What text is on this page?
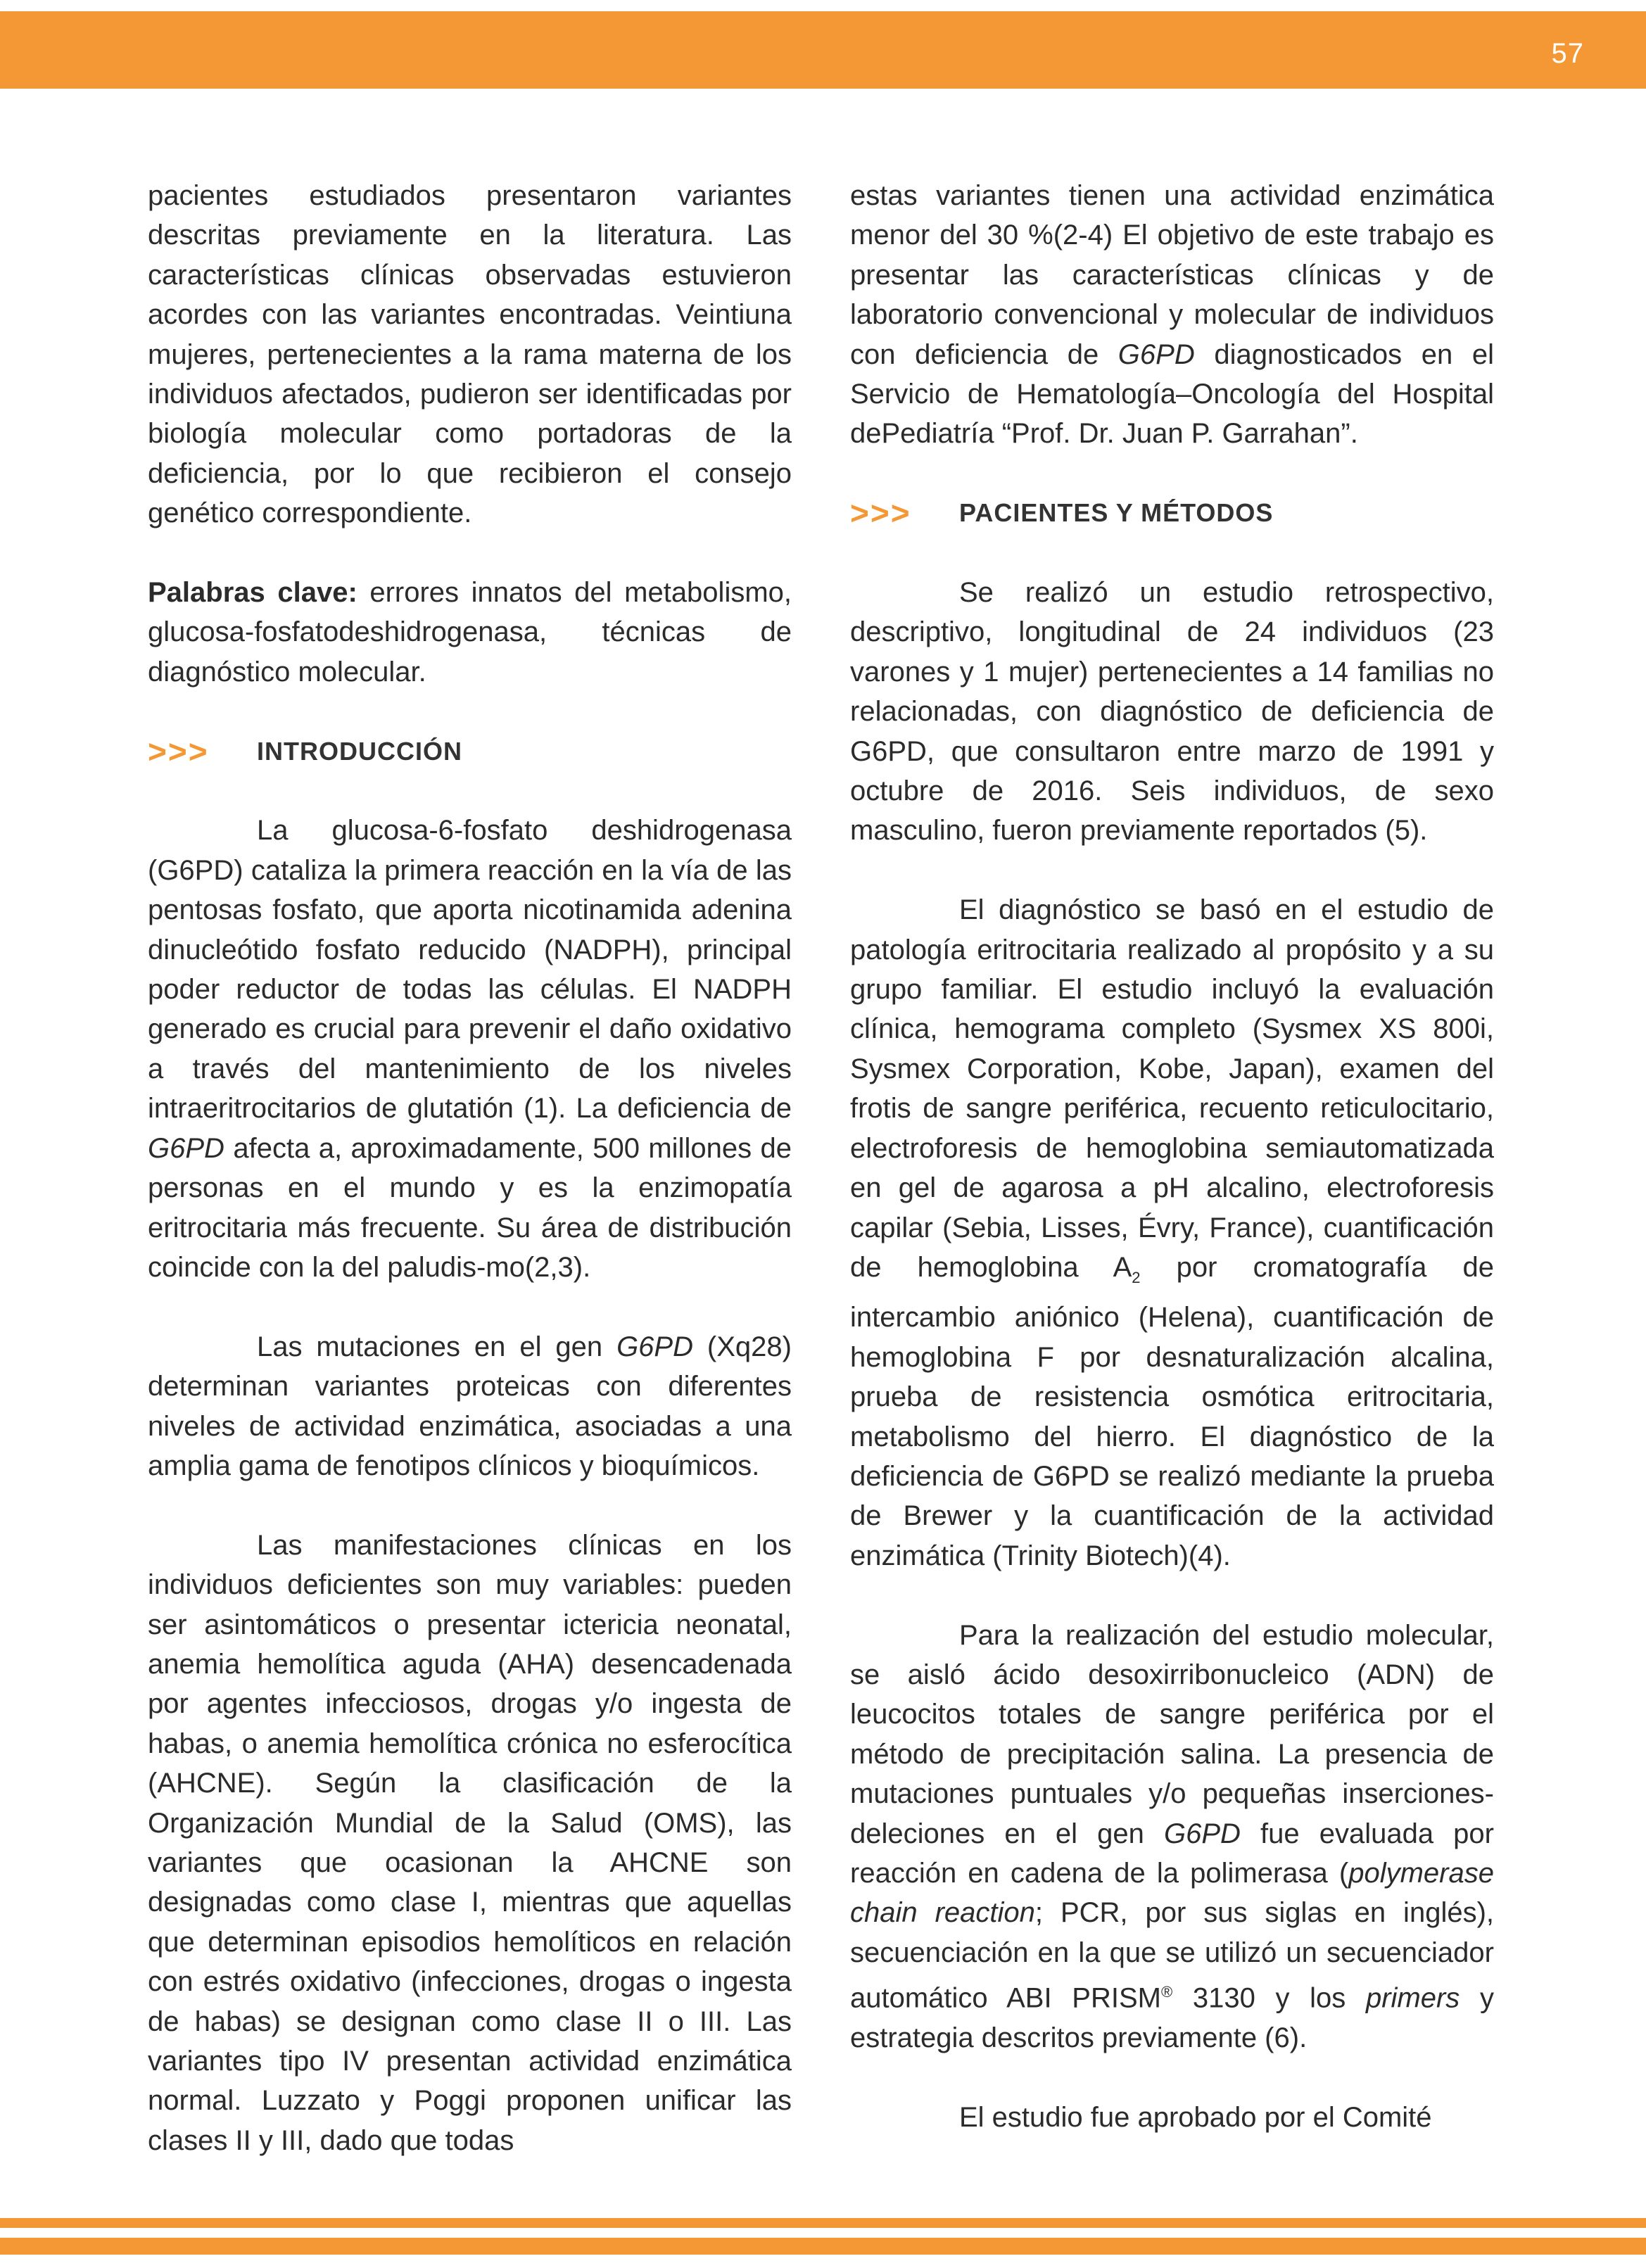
57

pacientes estudiados presentaron variantes descritas previamente en la literatura. Las características clínicas observadas estuvieron acordes con las variantes encontradas. Veintiuna mujeres, pertenecientes a la rama materna de los individuos afectados, pudieron ser identificadas por biología molecular como portadoras de la deficiencia, por lo que recibieron el consejo genético correspondiente.

Palabras clave: errores innatos del metabolismo, glucosa-fosfatodeshidrogenasa, técnicas de diagnóstico molecular.

>>>	INTRODUCCIÓN

La glucosa-6-fosfato deshidrogenasa (G6PD) cataliza la primera reacción en la vía de las pentosas fosfato, que aporta nicotinamida adenina dinucleótido fosfato reducido (NADPH), principal poder reductor de todas las células. El NADPH generado es crucial para prevenir el daño oxidativo a través del mantenimiento de los niveles intraeritrocitarios de glutatión (1). La deficiencia de G6PD afecta a, aproximadamente, 500 millones de personas en el mundo y es la enzimopatía eritrocitaria más frecuente. Su área de distribución coincide con la del paludis-mo(2,3).

Las mutaciones en el gen G6PD (Xq28) determinan variantes proteicas con diferentes niveles de actividad enzimática, asociadas a una amplia gama de fenotipos clínicos y bioquímicos.

Las manifestaciones clínicas en los individuos deficientes son muy variables: pueden ser asintomáticos o presentar ictericia neonatal, anemia hemolítica aguda (AHA) desencadenada por agentes infecciosos, drogas y/o ingesta de habas, o anemia hemolítica crónica no esferocítica (AHCNE). Según la clasificación de la Organización Mundial de la Salud (OMS), las variantes que ocasionan la AHCNE son designadas como clase I, mientras que aquellas que determinan episodios hemolíticos en relación con estrés oxidativo (infecciones, drogas o ingesta de habas) se designan como clase II o III. Las variantes tipo IV presentan actividad enzimática normal. Luzzato y Poggi proponen unificar las clases II y III, dado que todas

estas variantes tienen una actividad enzimática menor del 30 %(2-4) El objetivo de este trabajo es presentar las características clínicas y de laboratorio convencional y molecular de individuos con deficiencia de G6PD diagnosticados en el Servicio de Hematología–Oncología del Hospital dePediatría “Prof. Dr. Juan P. Garrahan”.

>>>	PACIENTES Y MÉTODOS

Se realizó un estudio retrospectivo, descriptivo, longitudinal de 24 individuos (23 varones y 1 mujer) pertenecientes a 14 familias no relacionadas, con diagnóstico de deficiencia de G6PD, que consultaron entre marzo de 1991 y octubre de 2016. Seis individuos, de sexo masculino, fueron previamente reportados (5).

El diagnóstico se basó en el estudio de patología eritrocitaria realizado al propósito y a su grupo familiar. El estudio incluyó la evaluación clínica, hemograma completo (Sysmex XS 800i, Sysmex Corporation, Kobe, Japan), examen del frotis de sangre periférica, recuento reticulocitario, electroforesis de hemoglobina semiautomatizada en gel de agarosa a pH alcalino, electroforesis capilar (Sebia, Lisses, Évry, France), cuantificación de hemoglobina $A_2$ por cromatografía de intercambio aniónico (Helena), cuantificación de hemoglobina F por desnaturalización alcalina, prueba de resistencia osmótica eritrocitaria, metabolismo del hierro. El diagnóstico de la deficiencia de G6PD se realizó mediante la prueba de Brewer y la cuantificación de la actividad enzimática (Trinity Biotech)(4).

Para la realización del estudio molecular, se aisló ácido desoxirribonucleico (ADN) de leucocitos totales de sangre periférica por el método de precipitación salina. La presencia de mutaciones puntuales y/o pequeñas inserciones-deleciones en el gen G6PD fue evaluada por reacción en cadena de la polimerasa (polymerase chain reaction; PCR, por sus siglas en inglés), secuenciación en la que se utilizó un secuenciador automático ABI PRISM® 3130 y los primers y estrategia descritos previamente (6).

El estudio fue aprobado por el Comité
